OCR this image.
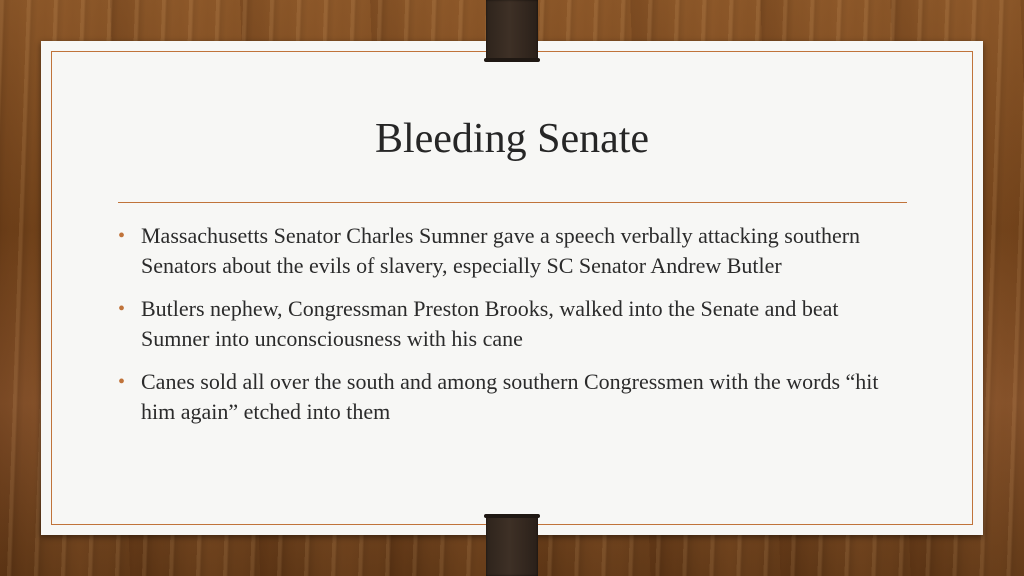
Bleeding Senate
• Massachusetts Senator Charles Sumner gave a speech verbally attacking southern Senators about the evils of slavery, especially SC Senator Andrew Butler
• Butlers nephew, Congressman Preston Brooks, walked into the Senate and beat Sumner into unconsciousness with his cane
• Canes sold all over the south and among southern Congressmen with the words “hit him again” etched into them
